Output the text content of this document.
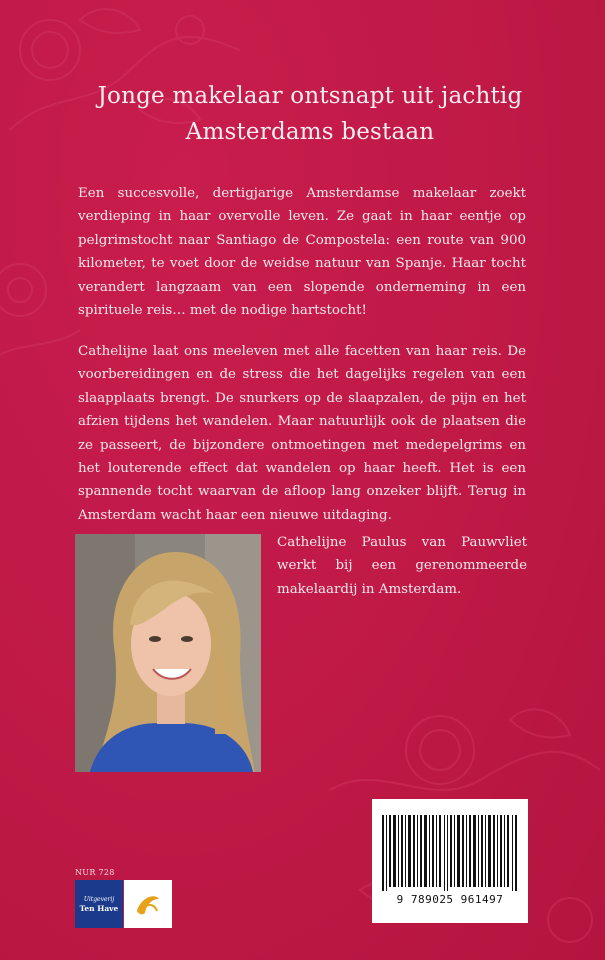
Jonge makelaar ontsnapt uit jachtig
Amsterdams bestaan
Een succesvolle, dertigjarige Amsterdamse makelaar zoekt verdieping in haar overvolle leven. Ze gaat in haar eentje op pelgrimstocht naar Santiago de Compostela: een route van 900 kilometer, te voet door de weidse natuur van Spanje. Haar tocht verandert langzaam van een slopende onderneming in een spirituele reis… met de nodige hartstocht!
Cathelijne laat ons meeleven met alle facetten van haar reis. De voorbereidingen en de stress die het dagelijks regelen van een slaapplaats brengt. De snurkers op de slaapzalen, de pijn en het afzien tijdens het wandelen. Maar natuurlijk ook de plaatsen die ze passeert, de bijzondere ontmoetingen met medepelgrims en het louterende effect dat wandelen op haar heeft. Het is een spannende tocht waarvan de afloop lang onzeker blijft. Terug in Amsterdam wacht haar een nieuwe uitdaging.
Cathelijne Paulus van Pauwvliet werkt bij een gerenommeerde makelaardij in Amsterdam.
NUR 728
Uitgeverij
Ten Have
9 789025 961497
